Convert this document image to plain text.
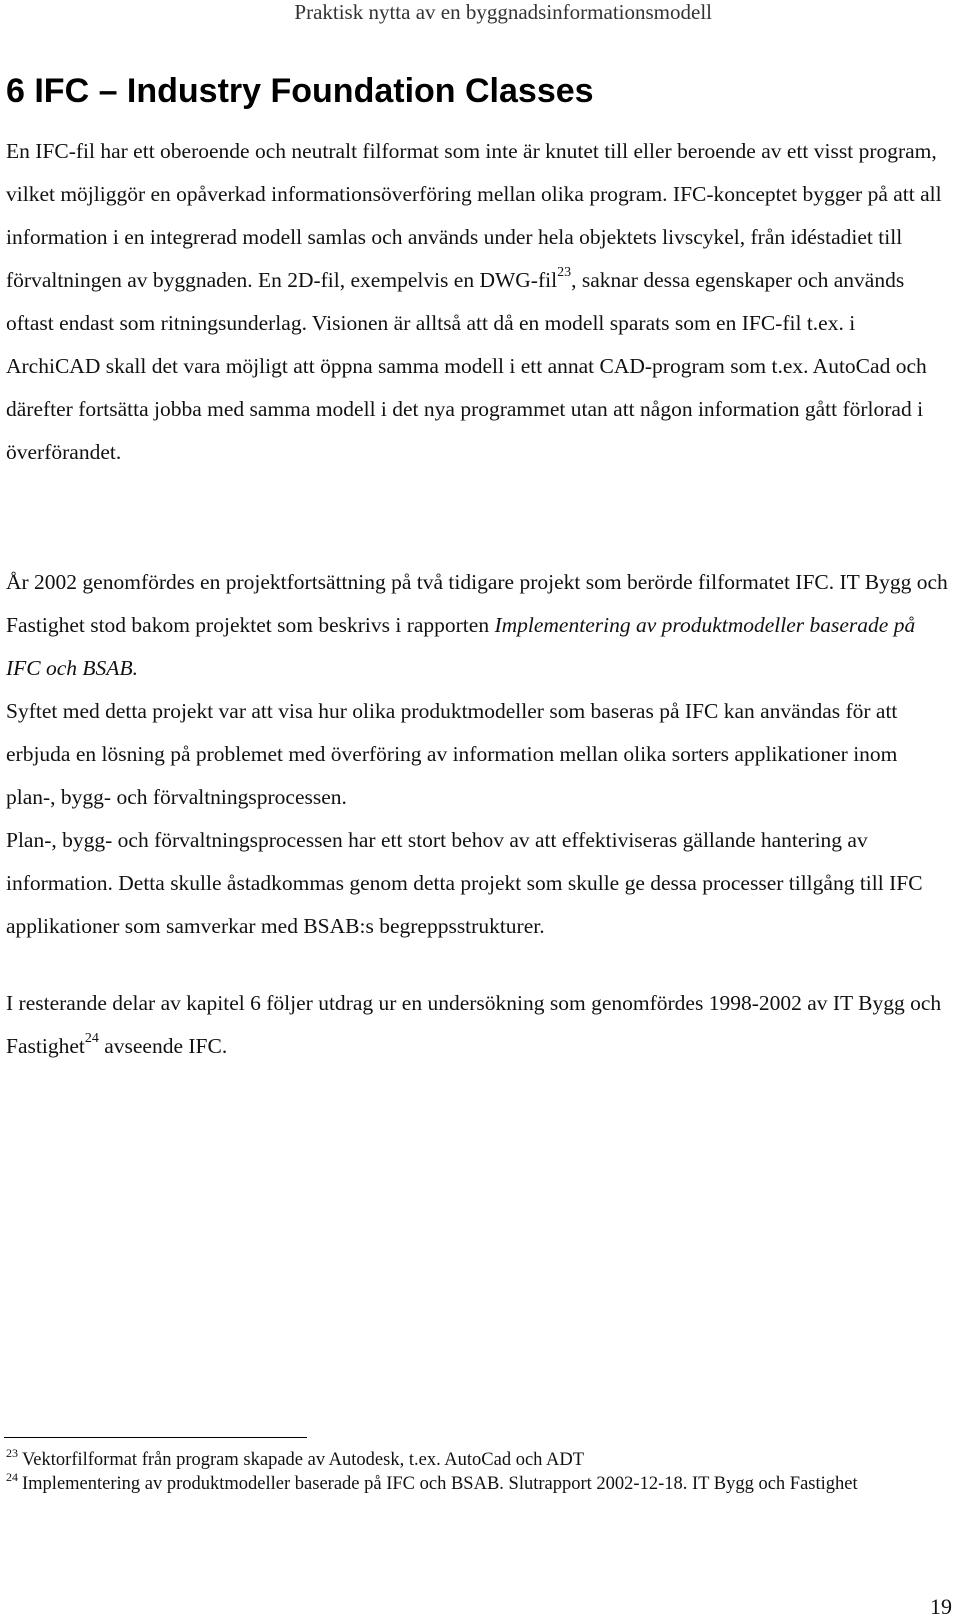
Praktisk nytta av en byggnadsinformationsmodell
6 IFC – Industry Foundation Classes

En IFC-fil har ett oberoende och neutralt filformat som inte är knutet till eller beroende av ett visst program, vilket möjliggör en opåverkad informationsöverföring mellan olika program. IFC-konceptet bygger på att all information i en integrerad modell samlas och används under hela objektets livscykel, från idéstadiet till förvaltningen av byggnaden. En 2D-fil, exempelvis en DWG-fil$^{23}$, saknar dessa egenskaper och används oftast endast som ritningsunderlag. Visionen är alltså att då en modell sparats som en IFC-fil t.ex. i ArchiCAD skall det vara möjligt att öppna samma modell i ett annat CAD-program som t.ex. AutoCad och därefter fortsätta jobba med samma modell i det nya programmet utan att någon information gått förlorad i överförandet.

År 2002 genomfördes en projektfortsättning på två tidigare projekt som berörde filformatet IFC. IT Bygg och Fastighet stod bakom projektet som beskrivs i rapporten Implementering av produktmodeller baserade på IFC och BSAB.

Syftet med detta projekt var att visa hur olika produktmodeller som baseras på IFC kan användas för att erbjuda en lösning på problemet med överföring av information mellan olika sorters applikationer inom plan-, bygg- och förvaltningsprocessen.

Plan-, bygg- och förvaltningsprocessen har ett stort behov av att effektiviseras gällande hantering av information. Detta skulle åstadkommas genom detta projekt som skulle ge dessa processer tillgång till IFC applikationer som samverkar med BSAB:s begreppsstrukturer.

I resterande delar av kapitel 6 följer utdrag ur en undersökning som genomfördes 1998-2002 av IT Bygg och Fastighet$^{24}$ avseende IFC.

$^{23}$ Vektorfilformat från program skapade av Autodesk, t.ex. AutoCad och ADT

$^{24}$ Implementering av produktmodeller baserade på IFC och BSAB. Slutrapport 2002-12-18. IT Bygg och Fastighet

19
